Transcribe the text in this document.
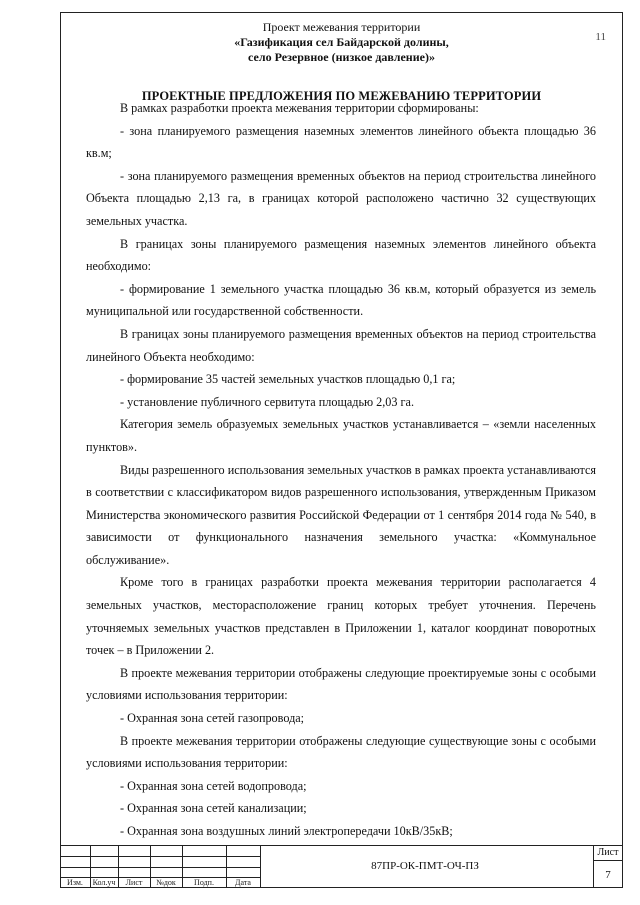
11
Проект межевания территории
«Газификация сел Байдарской долины,
село Резервное (низкое давление)»
ПРОЕКТНЫЕ ПРЕДЛОЖЕНИЯ ПО МЕЖЕВАНИЮ ТЕРРИТОРИИ

В рамках разработки проекта межевания территории сформированы:

- зона планируемого размещения наземных элементов линейного объекта площадью 36 кв.м;

- зона планируемого размещения временных объектов на период строительства линейного Объекта площадью 2,13 га, в границах которой расположено частично 32 существующих земельных участка.

В границах зоны планируемого размещения наземных элементов линейного объекта необходимо:

- формирование 1 земельного участка площадью 36 кв.м, который образуется из земель муниципальной или государственной собственности.

В границах зоны планируемого размещения временных объектов на период строительства линейного Объекта необходимо:

- формирование 35 частей земельных участков площадью 0,1 га;

- установление публичного сервитута площадью 2,03 га.

Категория земель образуемых земельных участков устанавливается – «земли населенных пунктов».

Виды разрешенного использования земельных участков в рамках проекта устанавливаются в соответствии с классификатором видов разрешенного использования, утвержденным Приказом Министерства экономического развития Российской Федерации от 1 сентября 2014 года № 540, в зависимости от функционального назначения земельного участка: «Коммунальное обслуживание».

Кроме того в границах разработки проекта межевания территории располагается 4 земельных участков, месторасположение границ которых требует уточнения. Перечень уточняемых земельных участков представлен в Приложении 1, каталог координат поворотных точек – в Приложении 2.

В проекте межевания территории отображены следующие проектируемые зоны с особыми условиями использования территории:

- Охранная зона сетей газопровода;

В проекте межевания территории отображены следующие существующие зоны с особыми условиями использования территории:

- Охранная зона сетей водопровода;

- Охранная зона сетей канализации;

- Охранная зона воздушных линий электропередачи 10кВ/35кВ;

Изм.	Кол.уч	Лист	№док	Подп.	Дата
87ПР-ОК-ПМТ-ОЧ-ПЗ
Лист
7
